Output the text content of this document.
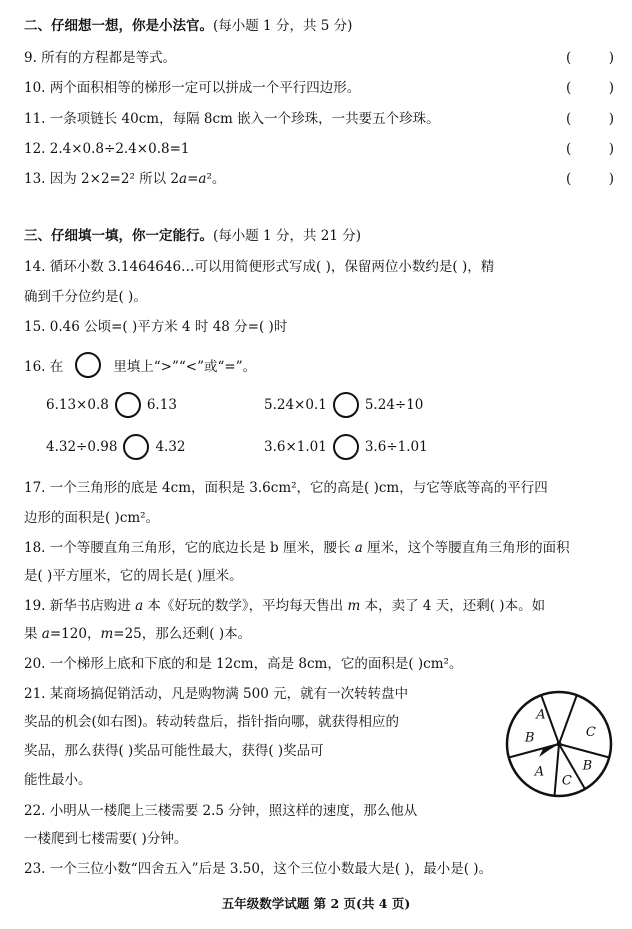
二、仔细想一想，你是小法官。(每小题 1 分，共 5 分)
9. 所有的方程都是等式。	(	)
10. 两个面积相等的梯形一定可以拼成一个平行四边形。	(	)
11. 一条项链长 40cm，每隔 8cm 嵌入一个珍珠，一共要五个珍珠。	(	)
12. 2.4×0.8÷2.4×0.8=1	(	)
13. 因为 2×2=2² 所以 2a=a²。	(	)
三、仔细填一填，你一定能行。(每小题 1 分，共 21 分)
14. 循环小数 3.1464646…可以用简便形式写成( )，保留两位小数约是( )，精
确到千分位约是( )。
15. 0.46 公顷=( )平方米 4 时 48 分=( )时
16. 在	里填上“>”“<”或“=”。
6.13×0.8	6.13	5.24×0.1	5.24÷10
4.32÷0.98	4.32	3.6×1.01	3.6÷1.01
17. 一个三角形的底是 4cm，面积是 3.6cm²，它的高是( )cm，与它等底等高的平行四
边形的面积是( )cm²。
18. 一个等腰直角三角形，它的底边长是 b 厘米，腰长 a 厘米，这个等腰直角三角形的面积
是( )平方厘米，它的周长是( )厘米。
19. 新华书店购进 a 本《好玩的数学》，平均每天售出 m 本，卖了 4 天，还剩( )本。如
果 a=120，m=25，那么还剩( )本。
20. 一个梯形上底和下底的和是 12cm，高是 8cm，它的面积是( )cm²。
21. 某商场搞促销活动，凡是购物满 500 元，就有一次转转盘中
奖品的机会(如右图)。转动转盘后，指针指向哪，就获得相应的
奖品，那么获得( )奖品可能性最大，获得( )奖品可
能性最小。
A
C
B
C
A
B
22. 小明从一楼爬上三楼需要 2.5 分钟，照这样的速度，那么他从
一楼爬到七楼需要( )分钟。
23. 一个三位小数“四舍五入”后是 3.50，这个三位小数最大是( )，最小是( )。
五年级数学试题 第 2 页(共 4 页)
